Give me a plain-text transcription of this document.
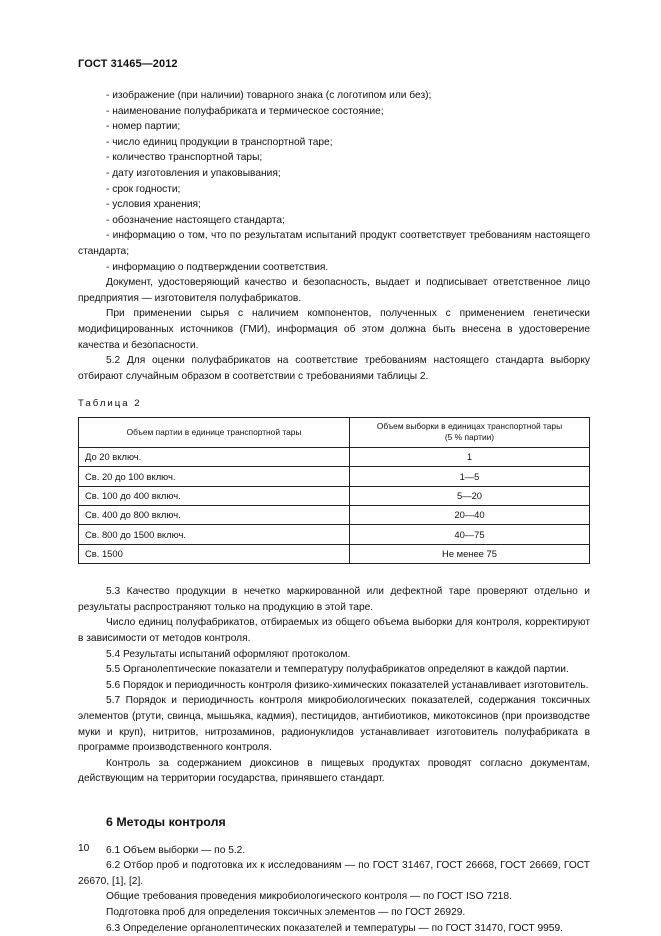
ГОСТ 31465—2012

- изображение (при наличии) товарного знака (с логотипом или без);

- наименование полуфабриката и термическое состояние;

- номер партии;

- число единиц продукции в транспортной таре;

- количество транспортной тары;

- дату изготовления и упаковывания;

- срок годности;

- условия хранения;

- обозначение настоящего стандарта;

- информацию о том, что по результатам испытаний продукт соответствует требованиям настоящего стандарта;

- информацию о подтверждении соответствия.

Документ, удостоверяющий качество и безопасность, выдает и подписывает ответственное лицо предприятия — изготовителя полуфабрикатов.

При применении сырья с наличием компонентов, полученных с применением генетически модифицированных источников (ГМИ), информация об этом должна быть внесена в удостоверение качества и безопасности.

5.2 Для оценки полуфабрикатов на соответствие требованиям настоящего стандарта выборку отбирают случайным образом в соответствии с требованиями таблицы 2.

Таблица 2
Объем партии в единице транспортной тары	Объем выборки в единицах транспортной тары
(5 % партии)
До 20 включ.	1
Св. 20 до 100 включ.	1—5
Св. 100 до 400 включ.	5—20
Св. 400 до 800 включ.	20—40
Св. 800 до 1500 включ.	40—75
Св. 1500	Не менее 75

5.3 Качество продукции в нечетко маркированной или дефектной таре проверяют отдельно и результаты распространяют только на продукцию в этой таре.

Число единиц полуфабрикатов, отбираемых из общего объема выборки для контроля, корректируют в зависимости от методов контроля.

5.4 Результаты испытаний оформляют протоколом.

5.5 Органолептические показатели и температуру полуфабрикатов определяют в каждой партии.

5.6 Порядок и периодичность контроля физико-химических показателей устанавливает изготовитель.

5.7 Порядок и периодичность контроля микробиологических показателей, содержания токсичных элементов (ртути, свинца, мышьяка, кадмия), пестицидов, антибиотиков, микотоксинов (при производстве муки и круп), нитритов, нитрозаминов, радионуклидов устанавливает изготовитель полуфабриката в программе производственного контроля.

Контроль за содержанием диоксинов в пищевых продуктах проводят согласно документам, действующим на территории государства, принявшего стандарт.

6 Методы контроля

6.1 Объем выборки — по 5.2.

6.2 Отбор проб и подготовка их к исследованиям — по ГОСТ 31467, ГОСТ 26668, ГОСТ 26669, ГОСТ 26670, [1], [2].

Общие требования проведения микробиологического контроля — по ГОСТ ISO 7218.

Подготовка проб для определения токсичных элементов — по ГОСТ 26929.

6.3 Определение органолептических показателей и температуры — по ГОСТ 31470, ГОСТ 9959.

10
